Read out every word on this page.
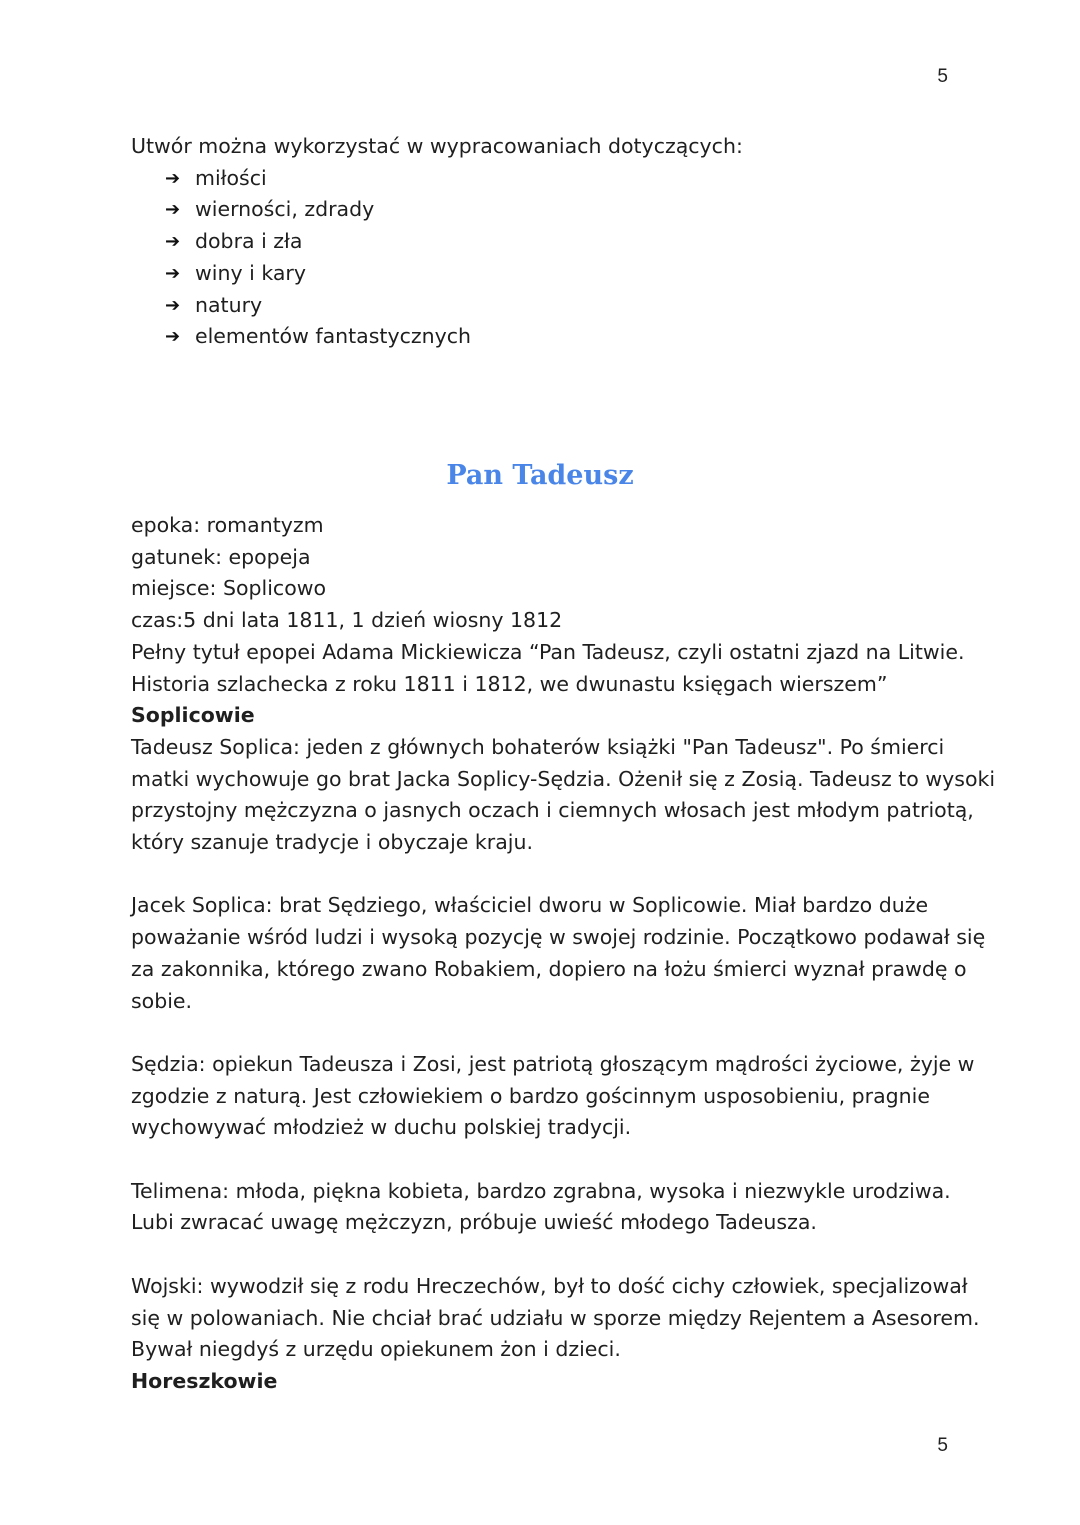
5

Utwór można wykorzystać w wypracowaniach dotyczących:

➔ miłości
➔ wierności, zdrady
➔ dobra i zła
➔ winy i kary
➔ natury
➔ elementów fantastycznych
Pan Tadeusz

epoka: romantyzm

gatunek: epopeja

miejsce: Soplicowo

czas:5 dni lata 1811, 1 dzień wiosny 1812

Pełny tytuł epopei Adama Mickiewicza “Pan Tadeusz, czyli ostatni zjazd na Litwie.

Historia szlachecka z roku 1811 i 1812, we dwunastu księgach wierszem”

Soplicowie

Tadeusz Soplica: jeden z głównych bohaterów książki "Pan Tadeusz". Po śmierci

matki wychowuje go brat Jacka Soplicy-Sędzia. Ożenił się z Zosią. Tadeusz to wysoki

przystojny mężczyzna o jasnych oczach i ciemnych włosach jest młodym patriotą,

który szanuje tradycje i obyczaje kraju.

Jacek Soplica: brat Sędziego, właściciel dworu w Soplicowie. Miał bardzo duże

poważanie wśród ludzi i wysoką pozycję w swojej rodzinie. Początkowo podawał się

za zakonnika, którego zwano Robakiem, dopiero na łożu śmierci wyznał prawdę o

sobie.

Sędzia: opiekun Tadeusza i Zosi, jest patriotą głoszącym mądrości życiowe, żyje w

zgodzie z naturą. Jest człowiekiem o bardzo gościnnym usposobieniu, pragnie

wychowywać młodzież w duchu polskiej tradycji.

Telimena: młoda, piękna kobieta, bardzo zgrabna, wysoka i niezwykle urodziwa.

Lubi zwracać uwagę mężczyzn, próbuje uwieść młodego Tadeusza.

Wojski: wywodził się z rodu Hreczechów, był to dość cichy człowiek, specjalizował

się w polowaniach. Nie chciał brać udziału w sporze między Rejentem a Asesorem.

Bywał niegdyś z urzędu opiekunem żon i dzieci.

Horeszkowie

5
